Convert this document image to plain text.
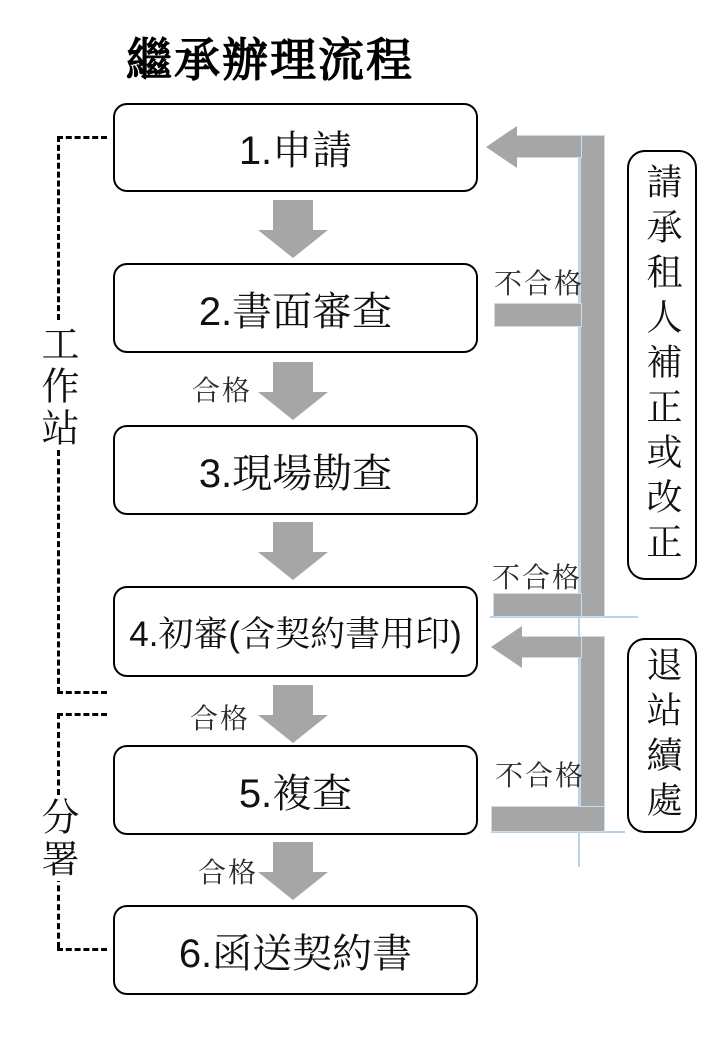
繼承辦理流程
1.申請
2.書面審查
3.現場勘查
4.初審(含契約書用印)
5.複查
6.函送契約書
合格
合格
合格
不合格
不合格
不合格
請承租人補正或改正
退站續處
工作站
分署
